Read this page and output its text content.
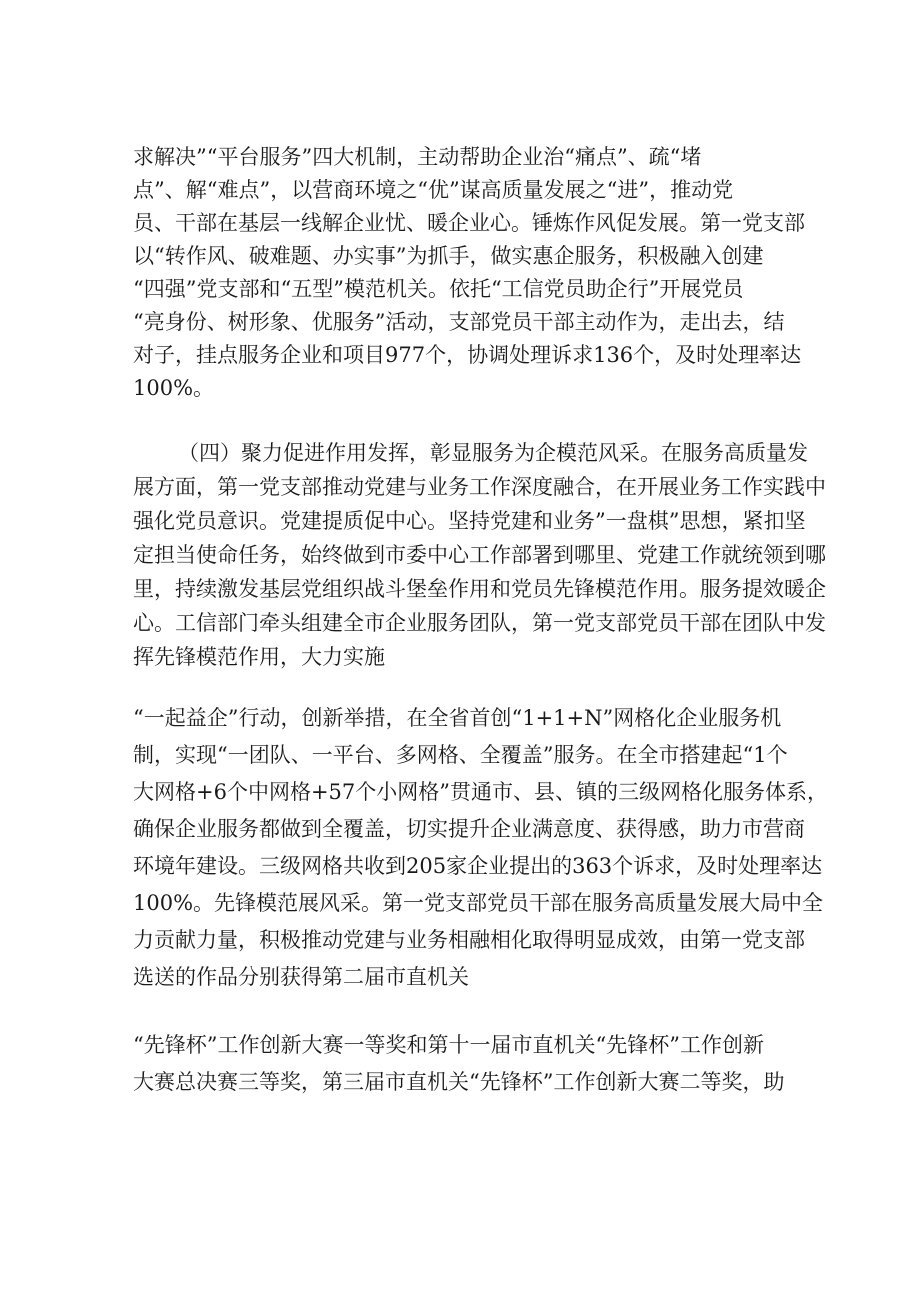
求解决”“平台服务”四大机制，主动帮助企业治“痛点”、疏“堵
点”、解“难点”，以营商环境之“优”谋高质量发展之“进”，推动党
员、干部在基层一线解企业忧、暖企业心。锤炼作风促发展。第一党支部
以“转作风、破难题、办实事”为抓手，做实惠企服务，积极融入创建
“四强”党支部和“五型”模范机关。依托“工信党员助企行”开展党员
“亮身份、树形象、优服务”活动，支部党员干部主动作为，走出去，结
对子，挂点服务企业和项目977个，协调处理诉求136个，及时处理率达
100%。
（四）聚力促进作用发挥，彰显服务为企模范风采。在服务高质量发
展方面，第一党支部推动党建与业务工作深度融合，在开展业务工作实践中
强化党员意识。党建提质促中心。坚持党建和业务”一盘棋”思想，紧扣坚
定担当使命任务，始终做到市委中心工作部署到哪里、党建工作就统领到哪
里，持续激发基层党组织战斗堡垒作用和党员先锋模范作用。服务提效暖企
心。工信部门牵头组建全市企业服务团队，第一党支部党员干部在团队中发
挥先锋模范作用，大力实施
“一起益企”行动，创新举措，在全省首创“1+1+N”网格化企业服务机
制，实现“一团队、一平台、多网格、全覆盖”服务。在全市搭建起“1个
大网格+6个中网格+57个小网格”贯通市、县、镇的三级网格化服务体系，
确保企业服务都做到全覆盖，切实提升企业满意度、获得感，助力市营商
环境年建设。三级网格共收到205家企业提出的363个诉求，及时处理率达
100%。先锋模范展风采。第一党支部党员干部在服务高质量发展大局中全
力贡献力量，积极推动党建与业务相融相化取得明显成效，由第一党支部
选送的作品分别获得第二届市直机关
“先锋杯”工作创新大赛一等奖和第十一届市直机关“先锋杯”工作创新
大赛总决赛三等奖，第三届市直机关“先锋杯”工作创新大赛二等奖，助
